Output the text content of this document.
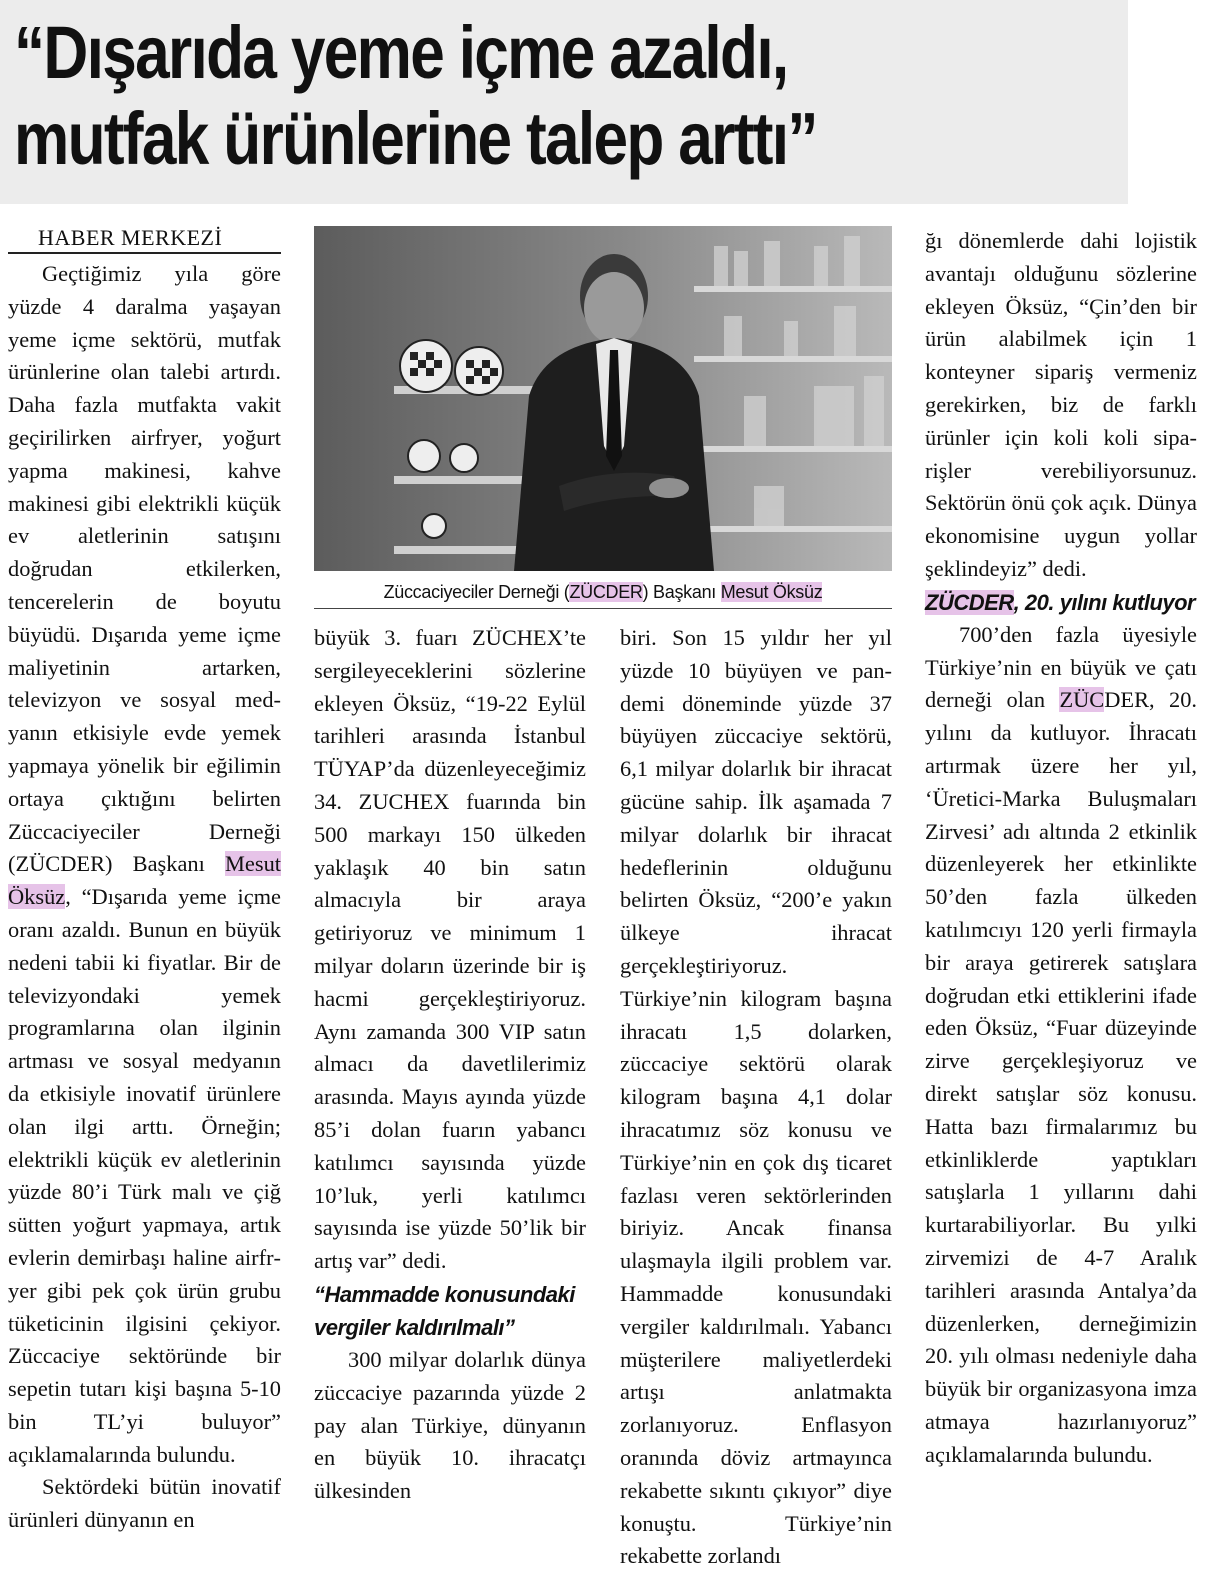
“Dışarıda yeme içme azaldı,
mutfak ürünlerine talep arttı”
HABER MERKEZİ

Geçtiğimiz yıla göre yüzde 4 daralma yaşayan yeme içme sektörü, mutfak ürünlerine olan talebi artırdı. Daha fazla mutfakta vakit geçirilirken airfryer, yoğurt yapma makinesi, kahve makinesi gibi elektrikli küçük ev aletlerinin satışını doğrudan etkilerken, tencerelerin de boyutu büyüdü. Dışarıda yeme içme maliyetinin artarken, televizyon ve sosyal medyanın etkisiyle evde yemek yapmaya yönelik bir eğilimin ortaya çıktığını belirten Züccaciyeciler Derneği (ZÜCDER) Başkanı Mesut Öksüz, “Dışarıda yeme içme oranı azaldı. Bunun en büyük nedeni tabii ki fiyatlar. Bir de televizyondaki yemek programlarına olan ilginin artması ve sosyal medyanın da etkisiyle inovatif ürünlere olan ilgi arttı. Örneğin; elektrikli küçük ev aletlerinin yüzde 80’i Türk malı ve çiğ sütten yoğurt yapmaya, artık evlerin demirbaşı haline airfryer gibi pek çok ürün grubu tüketicinin ilgisini çekiyor. Züccaciye sektöründe bir sepetin tutarı kişi başına 5-10 bin TL’yi buluyor” açıklamalarında bulundu.

Sektördeki bütün inovatif ürünleri dünyanın en

Züccaciyeciler Derneği (ZÜCDER) Başkanı Mesut Öksüz

büyük 3. fuarı ZÜCHEX’te sergileyeceklerini sözlerine ekleyen Öksüz, “19-22 Eylül tarihleri arasında İstanbul TÜYAP’da düzenleyeceğimiz 34. ZUCHEX fuarında bin 500 markayı 150 ülkeden yaklaşık 40 bin satın almacıyla bir araya getiriyoruz ve minimum 1 milyar doların üzerinde bir iş hacmi gerçekleştiriyoruz. Aynı zamanda 300 VIP satın almacı da davetlilerimiz arasında. Mayıs ayında yüzde 85’i dolan fuarın yabancı katılımcı sayısında yüzde 10’luk, yerli katılımcı sayısında ise yüzde 50’lik bir artış var” dedi.

“Hammadde konusundaki vergiler kaldırılmalı”

300 milyar dolarlık dünya züccaciye pazarında yüzde 2 pay alan Türkiye, dünyanın en büyük 10. ihracatçı ülkesinden

biri. Son 15 yıldır her yıl yüzde 10 büyüyen ve pandemi döneminde yüzde 37 büyüyen züccaciye sektörü, 6,1 milyar dolarlık bir ihracat gücüne sahip. İlk aşamada 7 milyar dolarlık bir ihracat hedeflerinin olduğunu belirten Öksüz, “200’e yakın ülkeye ihracat gerçekleştiriyoruz. Türkiye’nin kilogram başına ihracatı 1,5 dolarken, züccaciye sektörü olarak kilogram başına 4,1 dolar ihracatımız söz konusu ve Türkiye’nin en çok dış ticaret fazlası veren sektörlerinden biriyiz. Ancak finansa ulaşmayla ilgili problem var. Hammadde konusundaki vergiler kaldırılmalı. Yabancı müşterilere maliyetlerdeki artışı anlatmakta zorlanıyoruz. Enflasyon oranında döviz artmayınca rekabette sıkıntı çıkıyor” diye konuştu. Türkiye’nin rekabette zorlandı

ğı dönemlerde dahi lojistik avantajı olduğunu sözlerine ekleyen Öksüz, “Çin’den bir ürün alabilmek için 1 konteyner sipariş vermeniz gerekirken, biz de farklı ürünler için koli koli siparişler verebiliyorsunuz. Sektörün önü çok açık. Dünya ekonomisine uygun yollar şeklindeyiz” dedi.

ZÜCDER, 20. yılını kutluyor

700’den fazla üyesiyle Türkiye’nin en büyük ve çatı derneği olan ZÜCDER, 20. yılını da kutluyor. İhracatı artırmak üzere her yıl, ‘Üretici-Marka Buluşmaları Zirvesi’ adı altında 2 etkinlik düzenleyerek her etkinlikte 50’den fazla ülkeden katılımcıyı 120 yerli firmayla bir araya getirerek satışlara doğrudan etki ettiklerini ifade eden Öksüz, “Fuar düzeyinde zirve gerçekleşiyoruz ve direkt satışlar söz konusu. Hatta bazı firmalarımız bu etkinliklerde yaptıkları satışlarla 1 yıllarını dahi kurtarabiliyorlar. Bu yılki zirvemizi de 4-7 Aralık tarihleri arasında Antalya’da düzenlerken, derneğimizin 20. yılı olması nedeniyle daha büyük bir organizasyona imza atmaya hazırlanıyoruz” açıklamalarında bulundu.
